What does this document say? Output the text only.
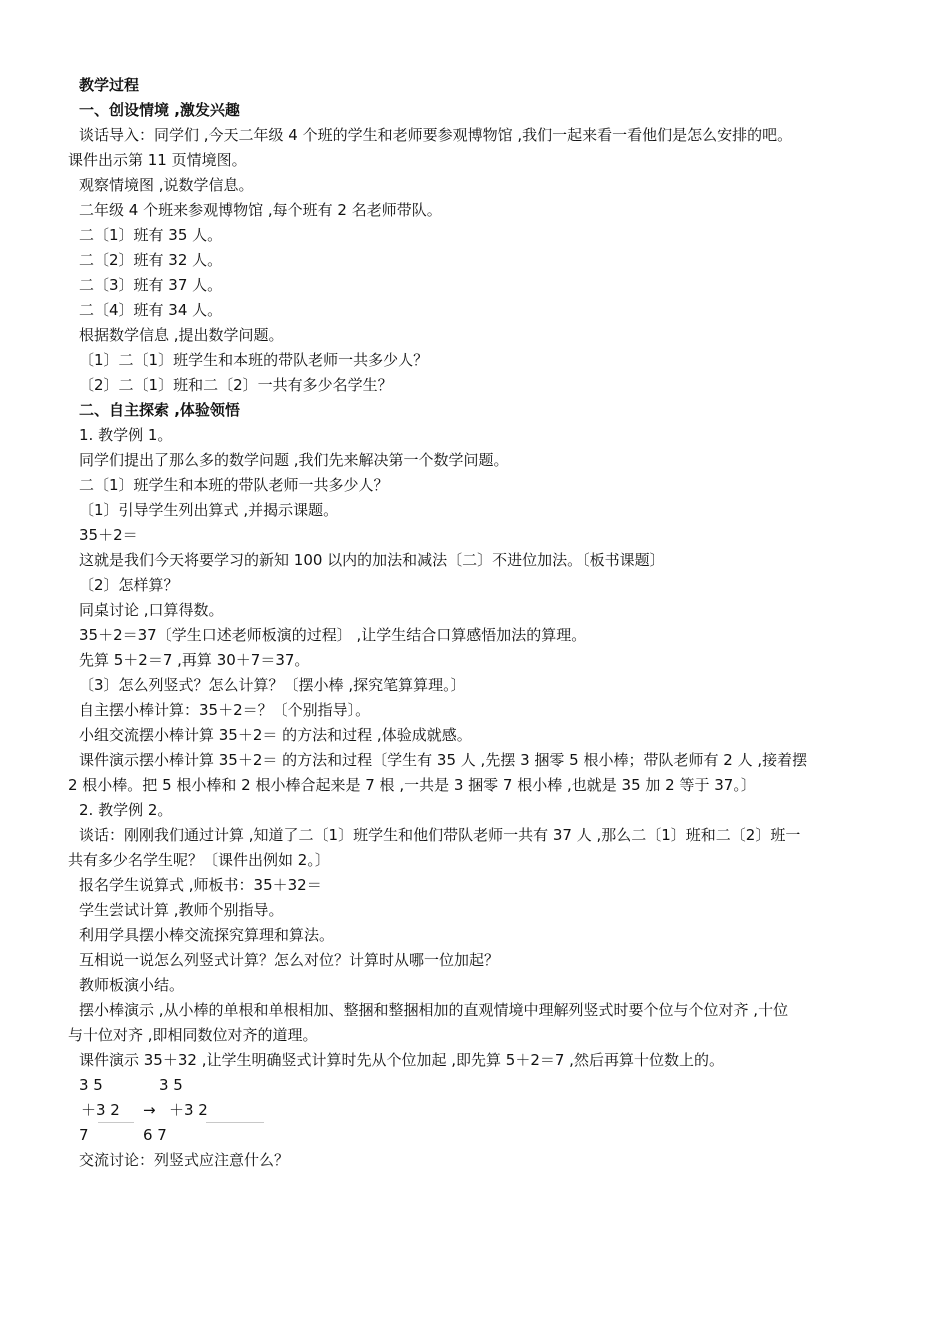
教学过程
一、创设情境 ,激发兴趣
谈话导入：同学们 ,今天二年级 4 个班的学生和老师要参观博物馆 ,我们一起来看一看他们是怎么安排的吧。
课件出示第 11 页情境图。
观察情境图 ,说数学信息。
二年级 4 个班来参观博物馆 ,每个班有 2 名老师带队。
二〔1〕班有 35 人。
二〔2〕班有 32 人。
二〔3〕班有 37 人。
二〔4〕班有 34 人。
根据数学信息 ,提出数学问题。
〔1〕二〔1〕班学生和本班的带队老师一共多少人？
〔2〕二〔1〕班和二〔2〕一共有多少名学生？
二、自主探索 ,体验领悟
1. 教学例 1。
同学们提出了那么多的数学问题 ,我们先来解决第一个数学问题。
二〔1〕班学生和本班的带队老师一共多少人？
〔1〕引导学生列出算式 ,并揭示课题。
35＋2＝
这就是我们今天将要学习的新知 100 以内的加法和减法〔二〕不进位加法。〔板书课题〕
〔2〕怎样算？
同桌讨论 ,口算得数。
35＋2＝37〔学生口述老师板演的过程〕 ,让学生结合口算感悟加法的算理。
先算 5＋2＝7 ,再算 30＋7＝37。
〔3〕怎么列竖式？怎么计算？〔摆小棒 ,探究笔算算理。〕
自主摆小棒计算：35＋2＝？〔个别指导〕。
小组交流摆小棒计算 35＋2＝ 的方法和过程 ,体验成就感。
课件演示摆小棒计算 35＋2＝ 的方法和过程〔学生有 35 人 ,先摆 3 捆零 5 根小棒；带队老师有 2 人 ,接着摆
2 根小棒。把 5 根小棒和 2 根小棒合起来是 7 根 ,一共是 3 捆零 7 根小棒 ,也就是 35 加 2 等于 37。〕
2. 教学例 2。
谈话：刚刚我们通过计算 ,知道了二〔1〕班学生和他们带队老师一共有 37 人 ,那么二〔1〕班和二〔2〕班一
共有多少名学生呢？〔课件出例如 2。〕
报名学生说算式 ,师板书：35＋32＝
学生尝试计算 ,教师个别指导。
利用学具摆小棒交流探究算理和算法。
互相说一说怎么列竖式计算？怎么对位？计算时从哪一位加起？
教师板演小结。
摆小棒演示 ,从小棒的单根和单根相加、整捆和整捆相加的直观情境中理解列竖式时要个位与个位对齐 ,十位
与十位对齐 ,即相同数位对齐的道理。
课件演示 35＋32 ,让学生明确竖式计算时先从个位加起 ,即先算 5＋2＝7 ,然后再算十位数上的。
3 5	3 5
＋3 2 → ＋3 2
7	6 7
交流讨论：列竖式应注意什么？
